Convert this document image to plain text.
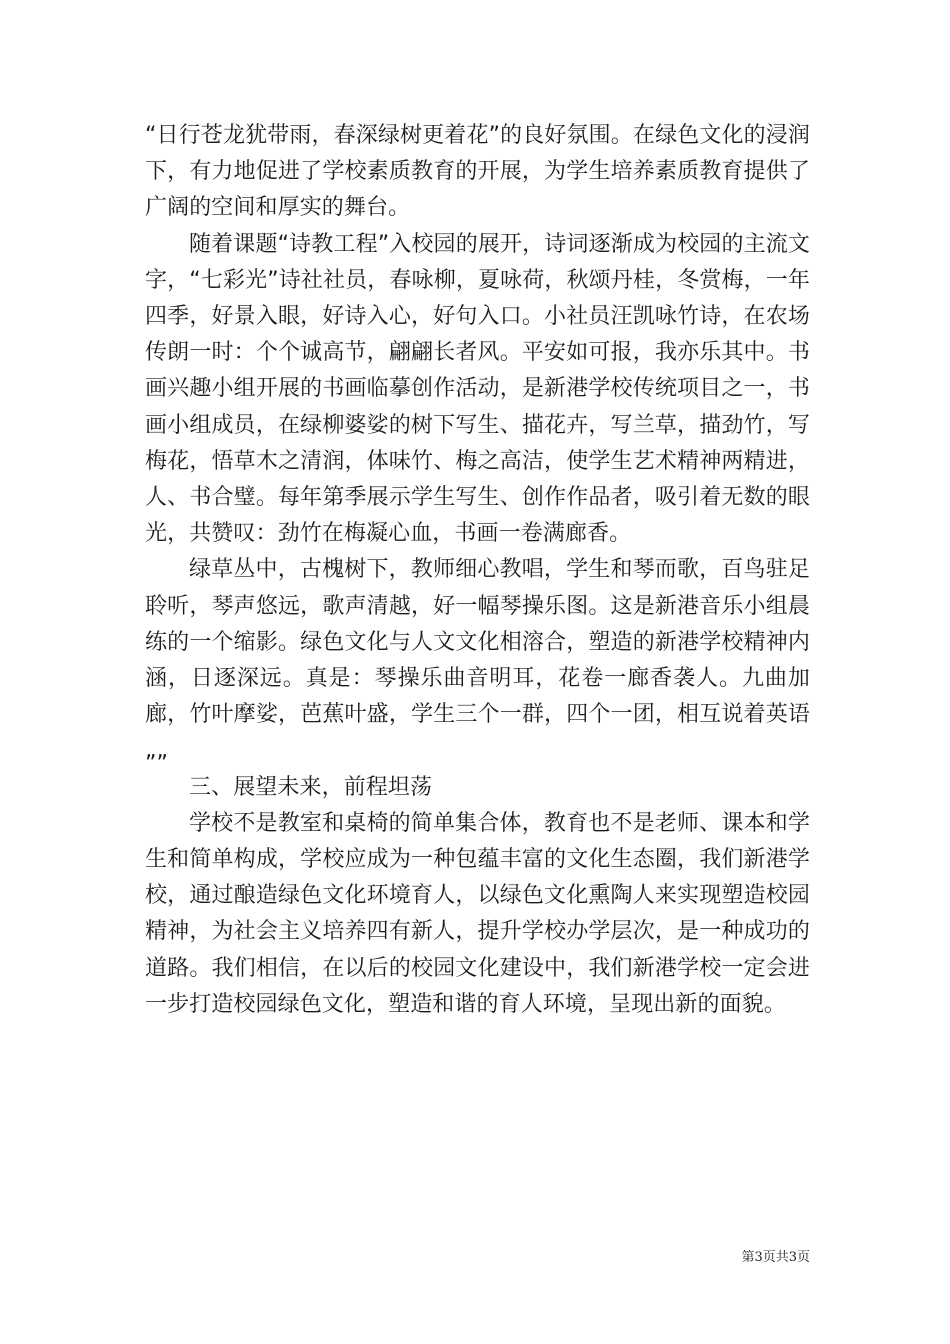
“日行苍龙犹带雨，春深绿树更着花”的良好氛围。在绿色文化的浸润下，有力地促进了学校素质教育的开展，为学生培养素质教育提供了广阔的空间和厚实的舞台。

随着课题“诗教工程”入校园的展开，诗词逐渐成为校园的主流文字，“七彩光”诗社社员，春咏柳，夏咏荷，秋颂丹桂，冬赏梅，一年四季，好景入眼，好诗入心，好句入口。小社员汪凯咏竹诗，在农场传朗一时：个个诚高节，翩翩长者风。平安如可报，我亦乐其中。书画兴趣小组开展的书画临摹创作活动，是新港学校传统项目之一，书画小组成员，在绿柳婆娑的树下写生、描花卉，写兰草，描劲竹，写梅花，悟草木之清润，体味竹、梅之高洁，使学生艺术精神两精进，人、书合璧。每年第季展示学生写生、创作作品者，吸引着无数的眼光，共赞叹：劲竹在梅凝心血，书画一卷满廊香。

绿草丛中，古槐树下，教师细心教唱，学生和琴而歌，百鸟驻足聆听，琴声悠远，歌声清越，好一幅琴操乐图。这是新港音乐小组晨练的一个缩影。绿色文化与人文文化相溶合，塑造的新港学校精神内涵，日逐深远。真是：琴操乐曲音明耳，花卷一廊香袭人。九曲加廊，竹叶摩娑，芭蕉叶盛，学生三个一群，四个一团，相互说着英语„„

三、展望未来，前程坦荡

学校不是教室和桌椅的简单集合体，教育也不是老师、课本和学生和简单构成，学校应成为一种包蕴丰富的文化生态圈，我们新港学校，通过酿造绿色文化环境育人，以绿色文化熏陶人来实现塑造校园精神，为社会主义培养四有新人，提升学校办学层次，是一种成功的道路。我们相信，在以后的校园文化建设中，我们新港学校一定会进一步打造校园绿色文化，塑造和谐的育人环境，呈现出新的面貌。

第3页共3页
